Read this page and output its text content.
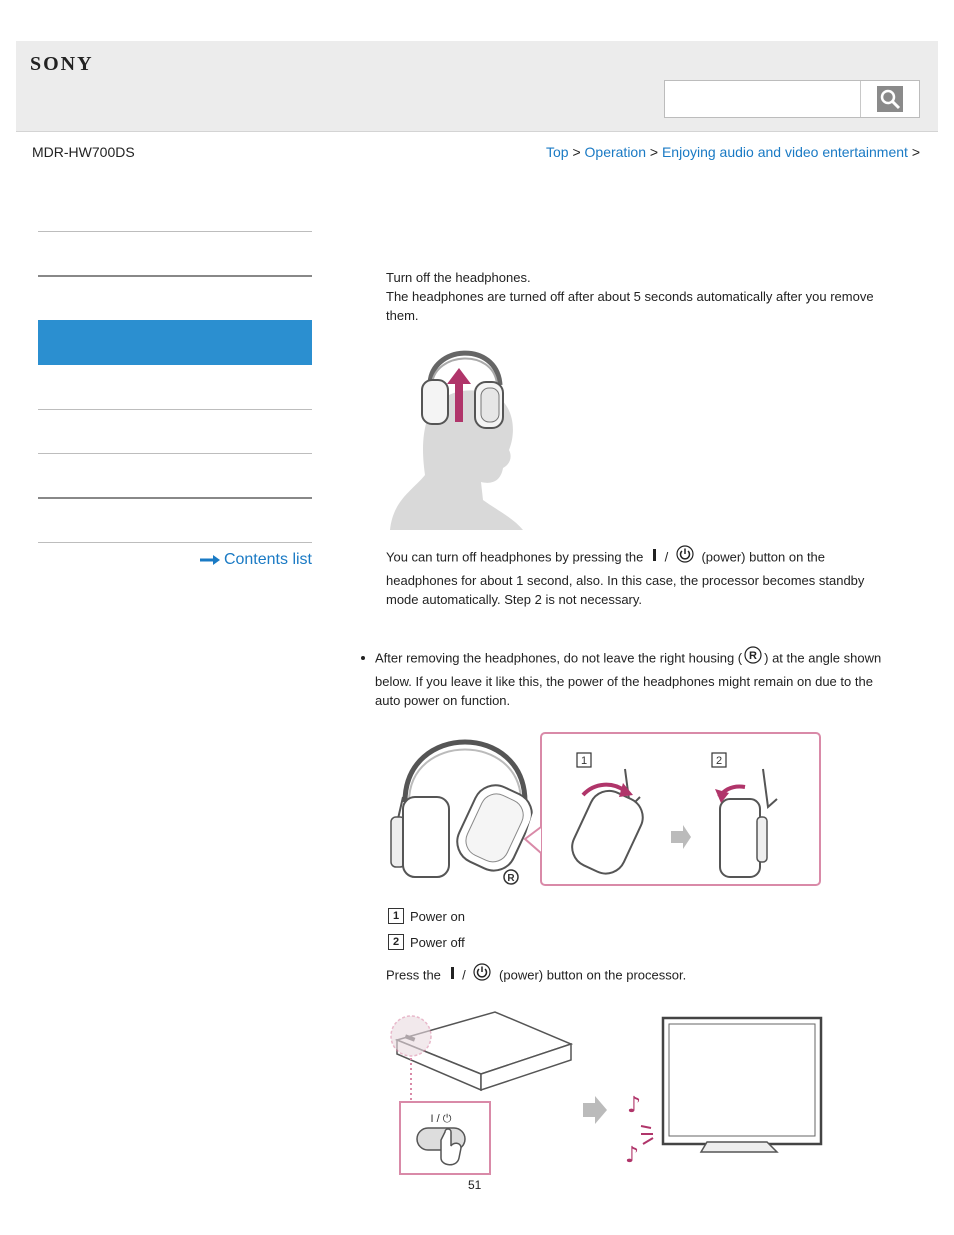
SONY
MDR-HW700DS	Top > Operation > Enjoying audio and video entertainment >
Contents list
Turn off the headphones.
The headphones are turned off after about 5 seconds automatically after you remove
them.
You can turn off headphones by pressing the /	(power) button on the
headphones for about 1 second, also. In this case, the processor becomes standby
mode automatically. Step 2 is not necessary.
After removing the headphones, do not leave the right housing ( R ) at the angle shown
below. If you leave it like this, the power of the headphones might remain on due to the
auto power on function.
R
1	2
1 Power on
2 Power off
Press the /	(power) button on the processor.
I / ⏻
♪
♪
51
